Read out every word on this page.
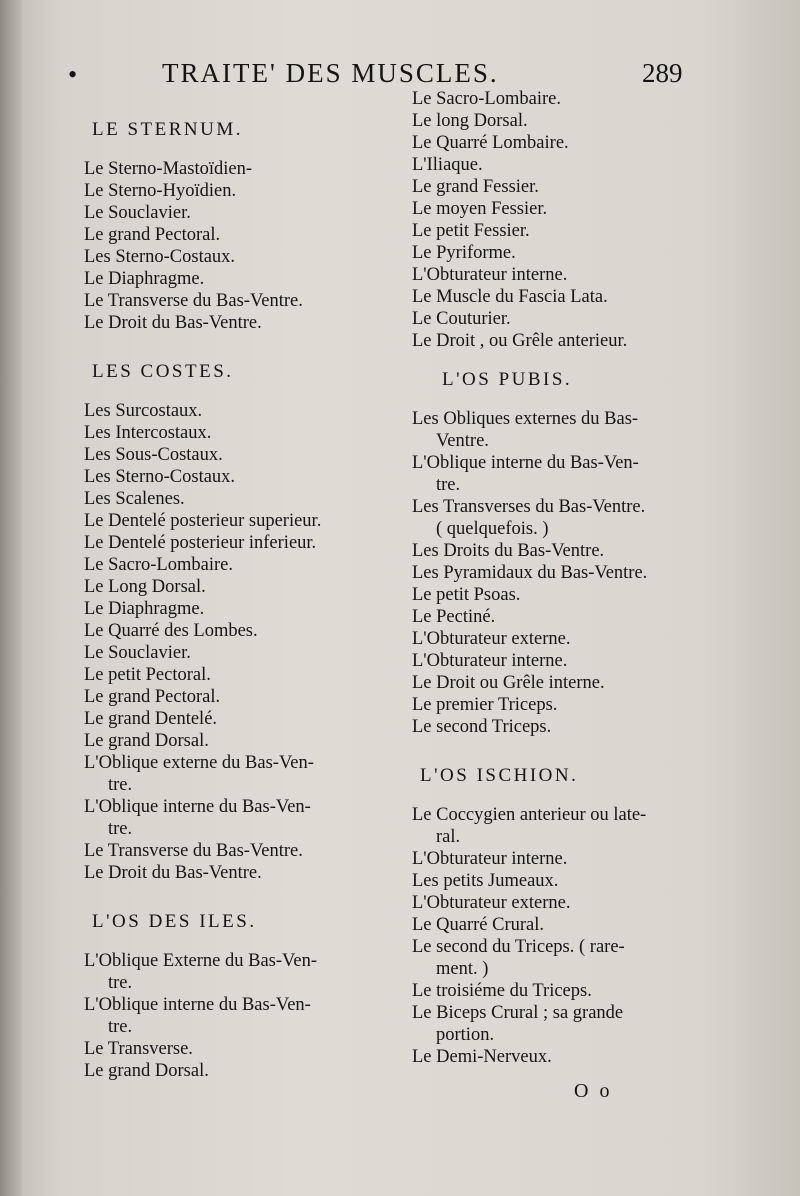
•	TRAITE' DES MUSCLES.	289
LE STERNUM.
Le Sterno-Mastoïdien-
Le Sterno-Hyoïdien.
Le Souclavier.
Le grand Pectoral.
Les Sterno-Costaux.
Le Diaphragme.
Le Transverse du Bas-Ventre.
Le Droit du Bas-Ventre.
LES COSTES.
Les Surcostaux.
Les Intercostaux.
Les Sous-Costaux.
Les Sterno-Costaux.
Les Scalenes.
Le Dentelé posterieur superieur.
Le Dentelé posterieur inferieur.
Le Sacro-Lombaire.
Le Long Dorsal.
Le Diaphragme.
Le Quarré des Lombes.
Le Souclavier.
Le petit Pectoral.
Le grand Pectoral.
Le grand Dentelé.
Le grand Dorsal.
L'Oblique externe du Bas-Ven-
tre.
L'Oblique interne du Bas-Ven-
tre.
Le Transverse du Bas-Ventre.
Le Droit du Bas-Ventre.
L'OS DES ILES.
L'Oblique Externe du Bas-Ven-
tre.
L'Oblique interne du Bas-Ven-
tre.
Le Transverse.
Le grand Dorsal.
Le Sacro-Lombaire.
Le long Dorsal.
Le Quarré Lombaire.
L'Iliaque.
Le grand Fessier.
Le moyen Fessier.
Le petit Fessier.
Le Pyriforme.
L'Obturateur interne.
Le Muscle du Fascia Lata.
Le Couturier.
Le Droit , ou Grêle anterieur.
L'OS PUBIS.
Les Obliques externes du Bas-
Ventre.
L'Oblique interne du Bas-Ven-
tre.
Les Transverses du Bas-Ventre.
( quelquefois. )
Les Droits du Bas-Ventre.
Les Pyramidaux du Bas-Ventre.
Le petit Psoas.
Le Pectiné.
L'Obturateur externe.
L'Obturateur interne.
Le Droit ou Grêle interne.
Le premier Triceps.
Le second Triceps.
L'OS ISCHION.
Le Coccygien anterieur ou late-
ral.
L'Obturateur interne.
Les petits Jumeaux.
L'Obturateur externe.
Le Quarré Crural.
Le second du Triceps. ( rare-
ment. )
Le troisiéme du Triceps.
Le Biceps Crural ; sa grande
portion.
Le Demi-Nerveux.
O o
